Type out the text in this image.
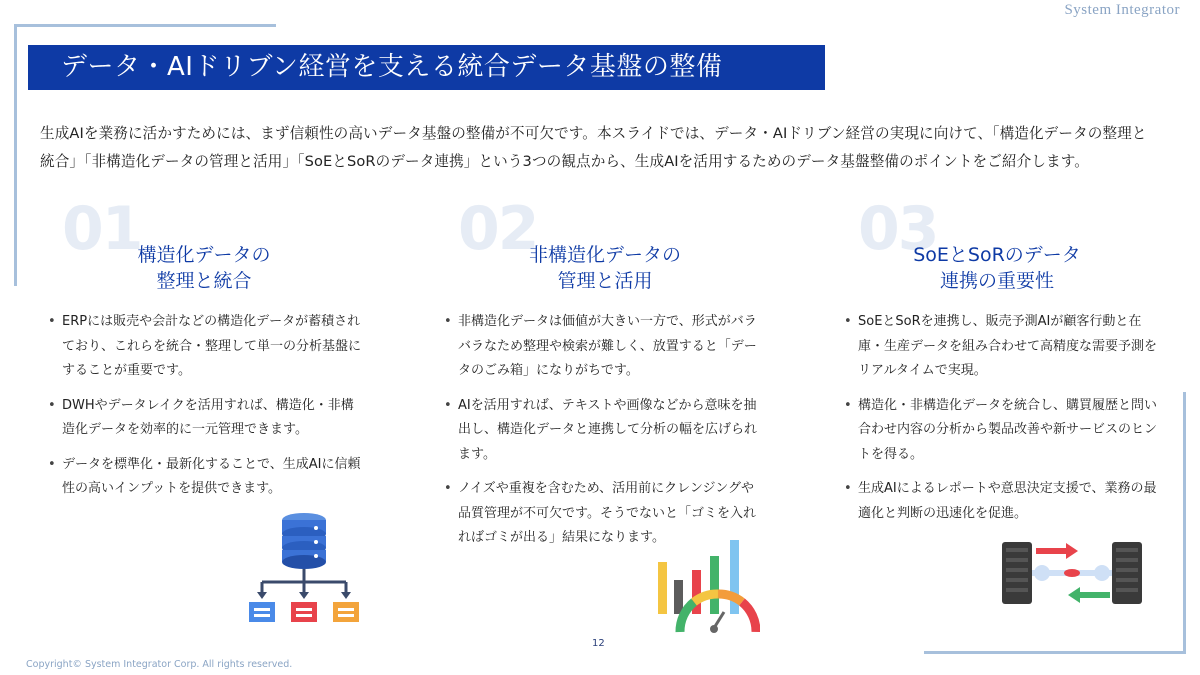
System Integrator
データ・AIドリブン経営を支える統合データ基盤の整備
生成AIを業務に活かすためには、まず信頼性の高いデータ基盤の整備が不可欠です。本スライドでは、データ・AIドリブン経営の実現に向けて、「構造化データの整理と統合」「非構造化データの管理と活用」「SoEとSoRのデータ連携」という3つの観点から、生成AIを活用するためのデータ基盤整備のポイントをご紹介します。
01
構造化データの
整理と統合
• ERPには販売や会計などの構造化データが蓄積されており、これらを統合・整理して単一の分析基盤にすることが重要です。
• DWHやデータレイクを活用すれば、構造化・非構造化データを効率的に一元管理できます。
• データを標準化・最新化することで、生成AIに信頼性の高いインプットを提供できます。
02
非構造化データの
管理と活用
• 非構造化データは価値が大きい一方で、形式がバラバラなため整理や検索が難しく、放置すると「データのごみ箱」になりがちです。
• AIを活用すれば、テキストや画像などから意味を抽出し、構造化データと連携して分析の幅を広げられます。
• ノイズや重複を含むため、活用前にクレンジングや品質管理が不可欠です。そうでないと「ゴミを入れればゴミが出る」結果になります。
03
SoEとSoRのデータ
連携の重要性
• SoEとSoRを連携し、販売予測AIが顧客行動と在庫・生産データを組み合わせて高精度な需要予測をリアルタイムで実現。
• 構造化・非構造化データを統合し、購買履歴と問い合わせ内容の分析から製品改善や新サービスのヒントを得る。
• 生成AIによるレポートや意思決定支援で、業務の最適化と判断の迅速化を促進。
12
Copyright© System Integrator Corp. All rights reserved.
